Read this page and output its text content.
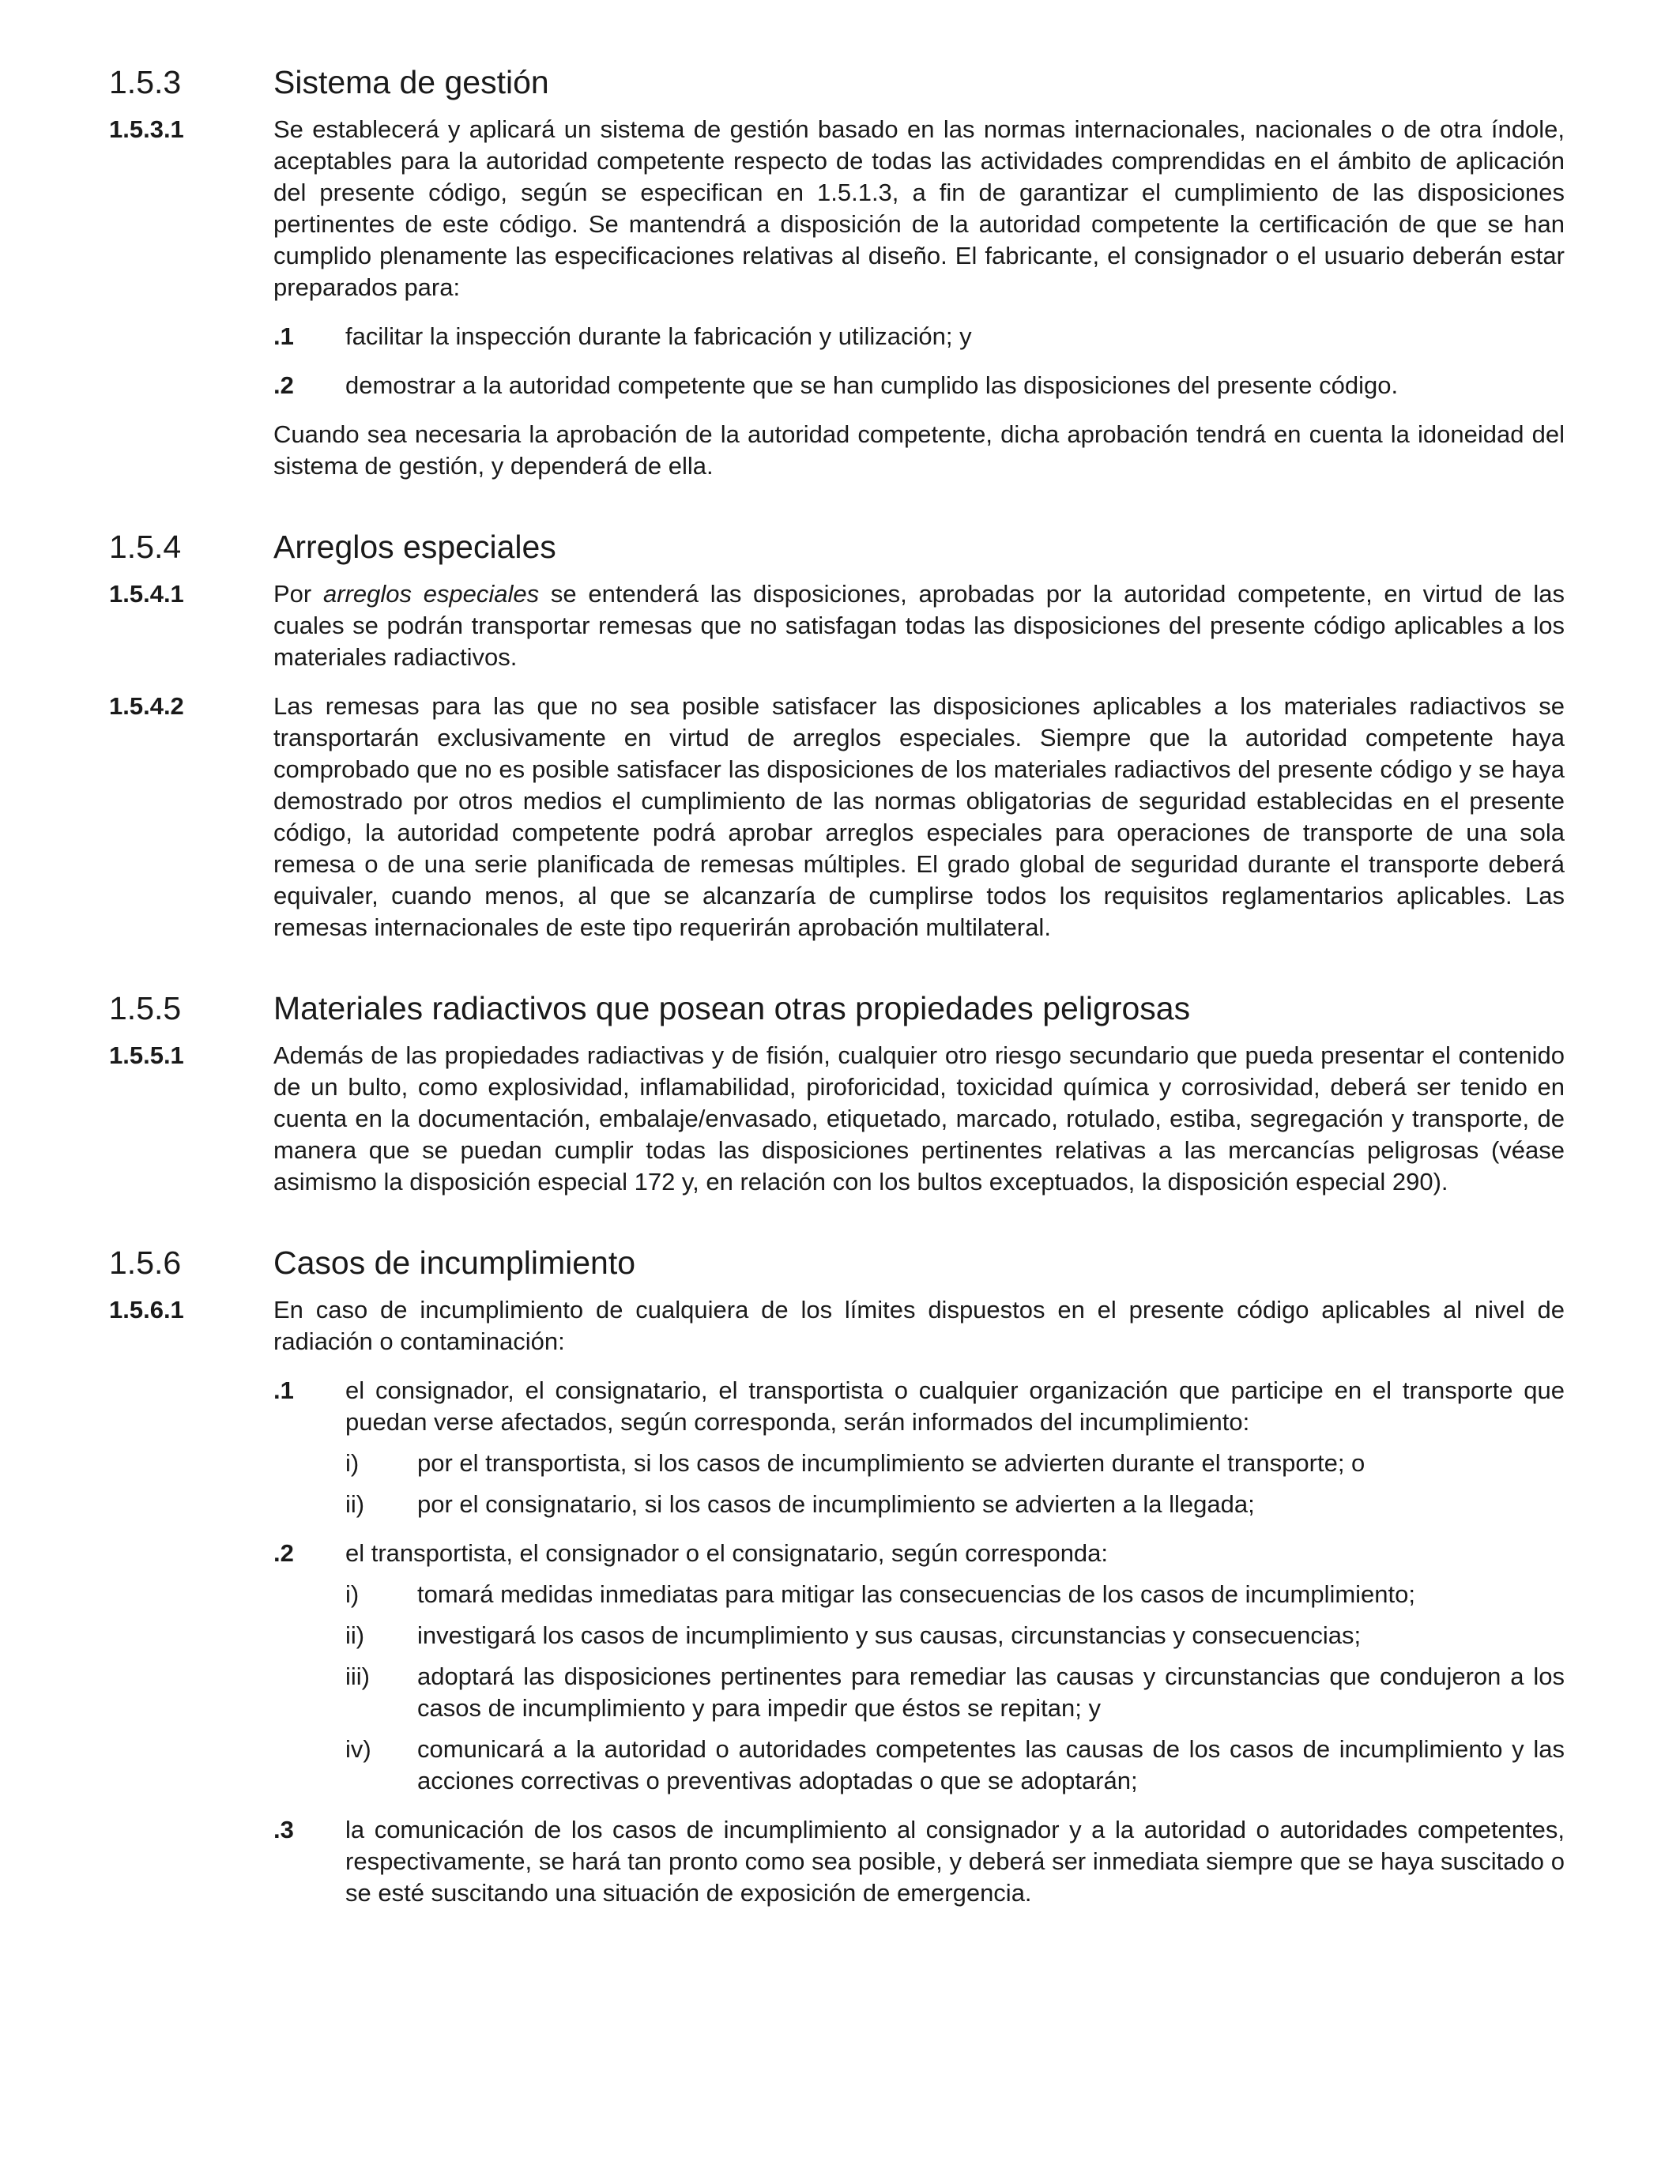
1.5.3	Sistema de gestión
1.5.3.1	Se establecerá y aplicará un sistema de gestión basado en las normas internacionales, nacionales o de otra índole, aceptables para la autoridad competente respecto de todas las actividades comprendidas en el ámbito de aplicación del presente código, según se especifican en 1.5.1.3, a fin de garantizar el cumplimiento de las disposiciones pertinentes de este código. Se mantendrá a disposición de la autoridad competente la certificación de que se han cumplido plenamente las especificaciones relativas al diseño. El fabricante, el consignador o el usuario deberán estar preparados para:
.1	facilitar la inspección durante la fabricación y utilización; y
.2	demostrar a la autoridad competente que se han cumplido las disposiciones del presente código.
Cuando sea necesaria la aprobación de la autoridad competente, dicha aprobación tendrá en cuenta la idoneidad del sistema de gestión, y dependerá de ella.
1.5.4	Arreglos especiales
1.5.4.1	Por arreglos especiales se entenderá las disposiciones, aprobadas por la autoridad competente, en virtud de las cuales se podrán transportar remesas que no satisfagan todas las disposiciones del presente código aplicables a los materiales radiactivos.
1.5.4.2	Las remesas para las que no sea posible satisfacer las disposiciones aplicables a los materiales radiactivos se transportarán exclusivamente en virtud de arreglos especiales. Siempre que la autoridad competente haya comprobado que no es posible satisfacer las disposiciones de los materiales radiactivos del presente código y se haya demostrado por otros medios el cumplimiento de las normas obligatorias de seguridad establecidas en el presente código, la autoridad competente podrá aprobar arreglos especiales para operaciones de transporte de una sola remesa o de una serie planificada de remesas múltiples. El grado global de seguridad durante el transporte deberá equivaler, cuando menos, al que se alcanzaría de cumplirse todos los requisitos reglamentarios aplicables. Las remesas internacionales de este tipo requerirán aprobación multilateral.
1.5.5	Materiales radiactivos que posean otras propiedades peligrosas
1.5.5.1	Además de las propiedades radiactivas y de fisión, cualquier otro riesgo secundario que pueda presentar el contenido de un bulto, como explosividad, inflamabilidad, piroforicidad, toxicidad química y corrosividad, deberá ser tenido en cuenta en la documentación, embalaje/envasado, etiquetado, marcado, rotulado, estiba, segregación y transporte, de manera que se puedan cumplir todas las disposiciones pertinentes relativas a las mercancías peligrosas (véase asimismo la disposición especial 172 y, en relación con los bultos exceptuados, la disposición especial 290).
1.5.6	Casos de incumplimiento
1.5.6.1	En caso de incumplimiento de cualquiera de los límites dispuestos en el presente código aplicables al nivel de radiación o contaminación:
.1	el consignador, el consignatario, el transportista o cualquier organización que participe en el transporte que puedan verse afectados, según corresponda, serán informados del incumplimiento:
i)	por el transportista, si los casos de incumplimiento se advierten durante el transporte; o
ii)	por el consignatario, si los casos de incumplimiento se advierten a la llegada;
.2	el transportista, el consignador o el consignatario, según corresponda:
i)	tomará medidas inmediatas para mitigar las consecuencias de los casos de incumplimiento;
ii)	investigará los casos de incumplimiento y sus causas, circunstancias y consecuencias;
iii)	adoptará las disposiciones pertinentes para remediar las causas y circunstancias que condujeron a los casos de incumplimiento y para impedir que éstos se repitan; y
iv)	comunicará a la autoridad o autoridades competentes las causas de los casos de incumplimiento y las acciones correctivas o preventivas adoptadas o que se adoptarán;
.3	la comunicación de los casos de incumplimiento al consignador y a la autoridad o autoridades competentes, respectivamente, se hará tan pronto como sea posible, y deberá ser inmediata siempre que se haya suscitado o se esté suscitando una situación de exposición de emergencia.
